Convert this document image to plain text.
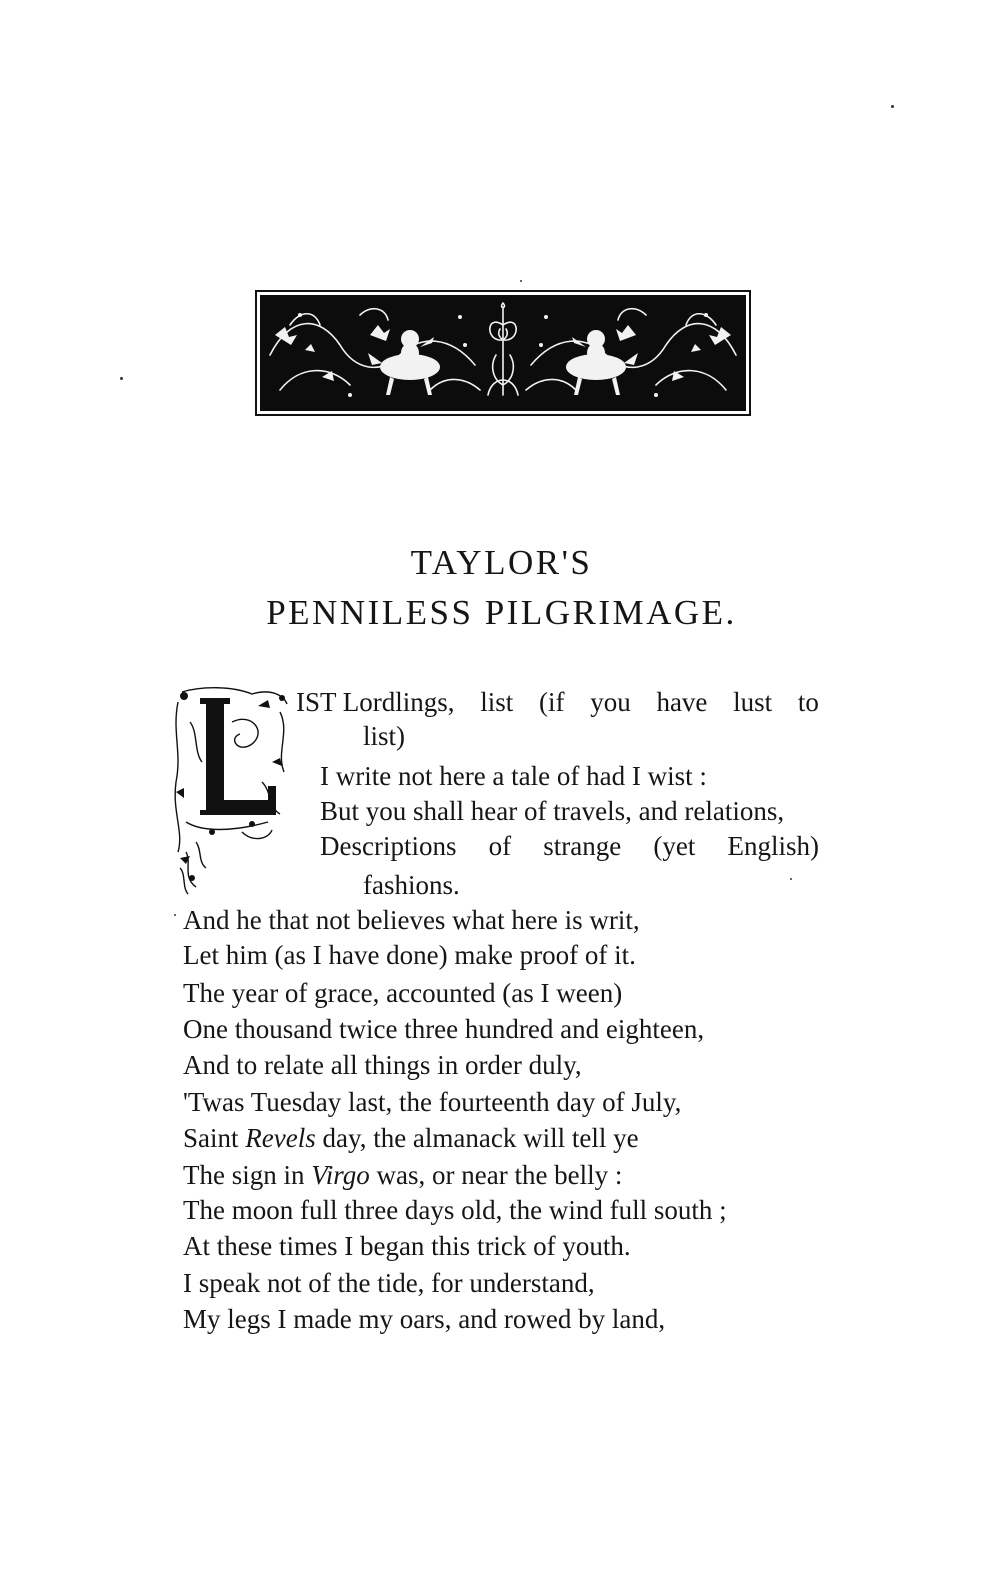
TAYLOR'S
PENNILESS PILGRIMAGE.
IST Lordlings, list (if you have lust to
list)
I write not here a tale of had I wist :
But you shall hear of travels, and relations,
Descriptions of strange (yet English)
fashions.
And he that not believes what here is writ,
Let him (as I have done) make proof of it.
The year of grace, accounted (as I ween)
One thousand twice three hundred and eighteen,
And to relate all things in order duly,
'Twas Tuesday last, the fourteenth day of July,
Saint Revels day, the almanack will tell ye
The sign in Virgo was, or near the belly :
The moon full three days old, the wind full south ;
At these times I began this trick of youth.
I speak not of the tide, for understand,
My legs I made my oars, and rowed by land,
